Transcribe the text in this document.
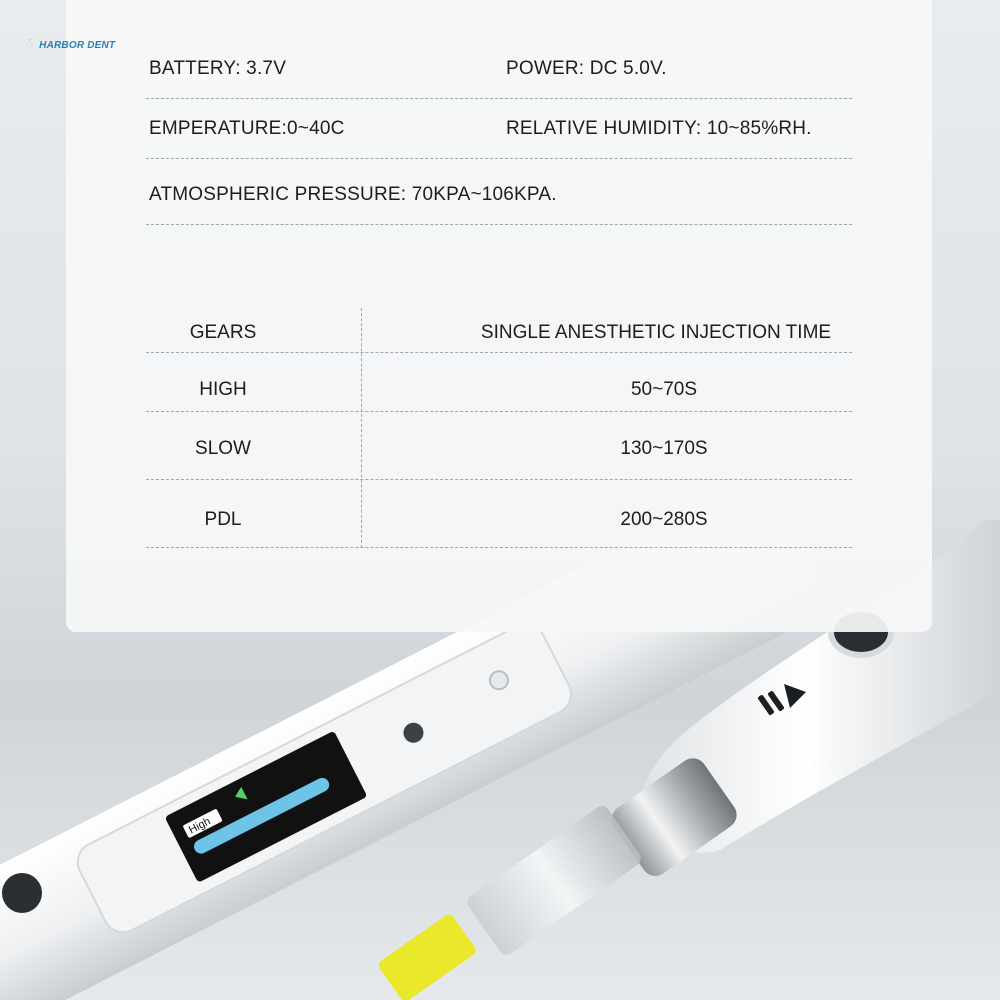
High
🦷 HARBOR DENT
BATTERY: 3.7V	POWER: DC 5.0V.
EMPERATURE:0~40C	RELATIVE HUMIDITY: 10~85%RH.
ATMOSPHERIC PRESSURE: 70KPA~106KPA.
GEARS	SINGLE ANESTHETIC INJECTION TIME
HIGH	50~70S
SLOW	130~170S
PDL	200~280S
